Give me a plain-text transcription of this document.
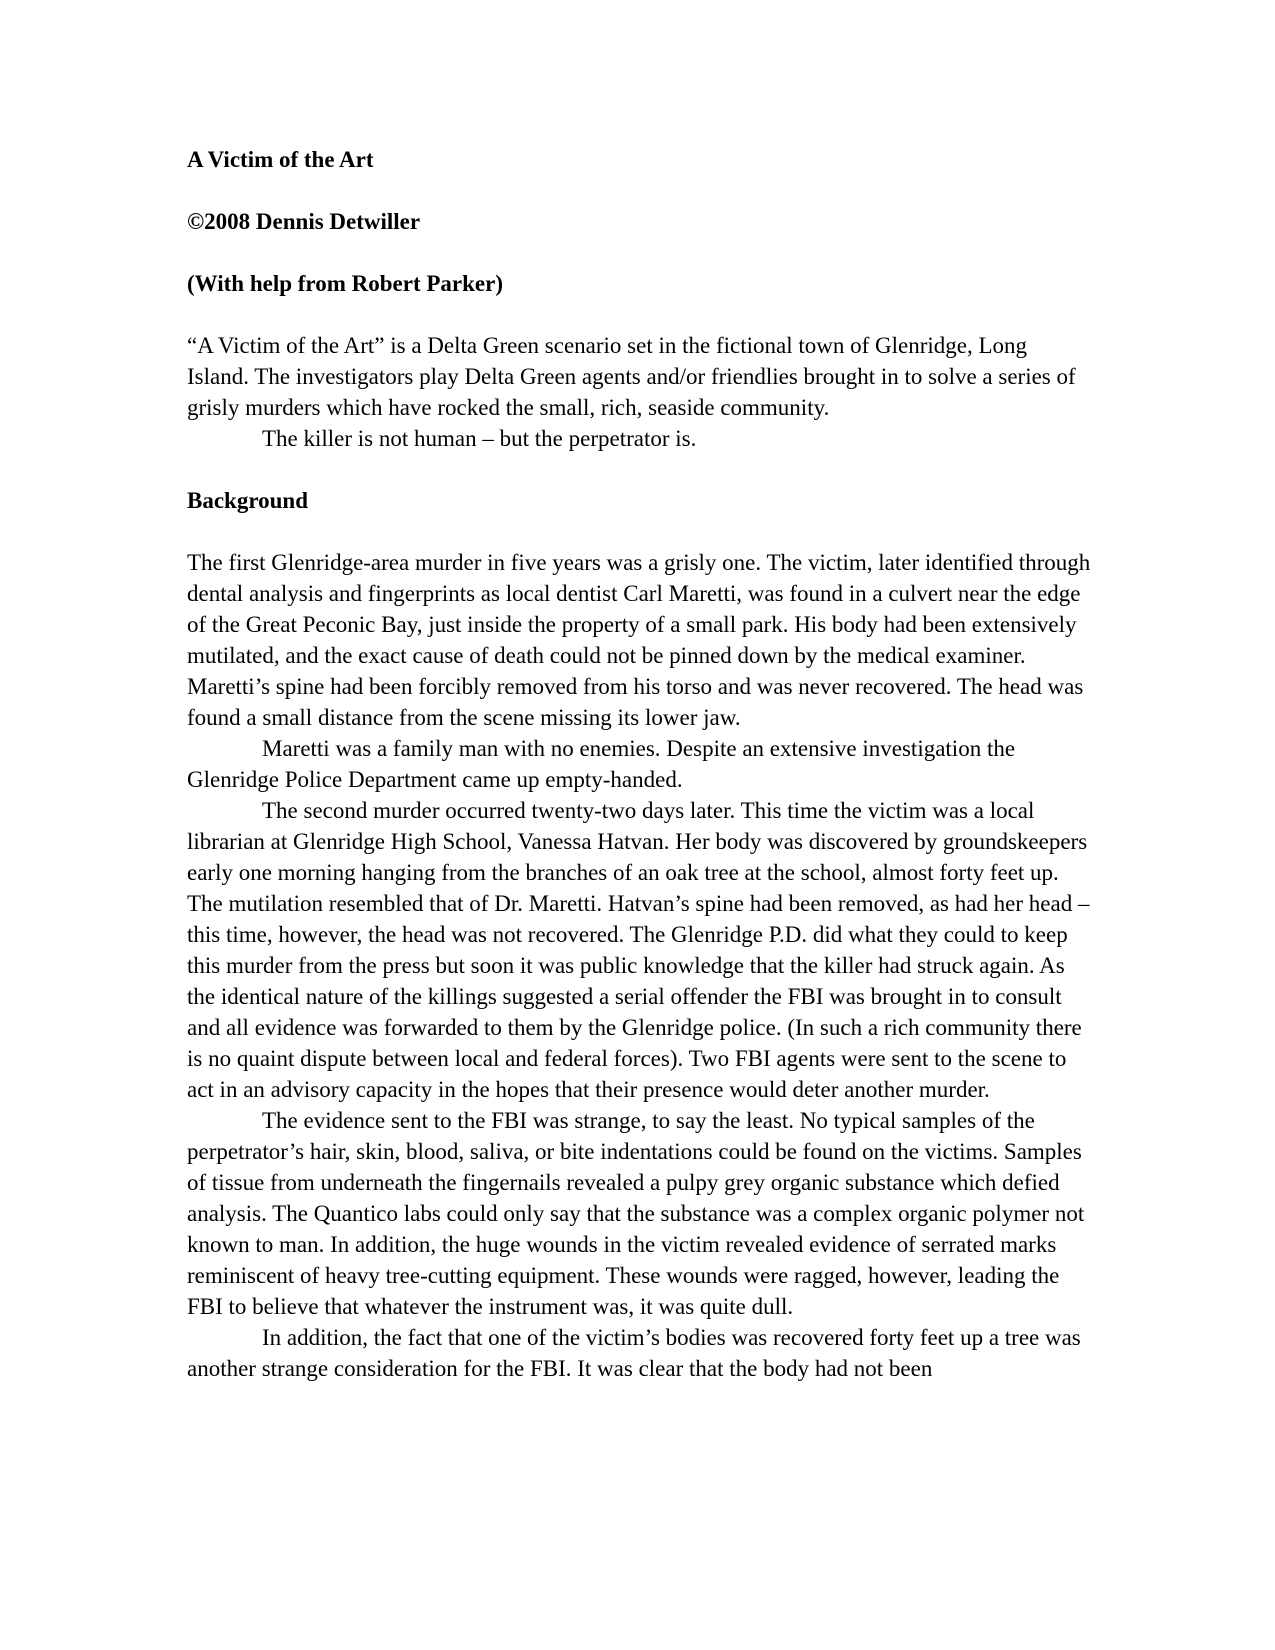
A Victim of the Art
©2008 Dennis Detwiller
(With help from Robert Parker)

“A Victim of the Art” is a Delta Green scenario set in the fictional town of Glenridge, Long Island. The investigators play Delta Green agents and/or friendlies brought in to solve a series of grisly murders which have rocked the small, rich, seaside community.

The killer is not human – but the perpetrator is.

Background

The first Glenridge-area murder in five years was a grisly one. The victim, later identified through dental analysis and fingerprints as local dentist Carl Maretti, was found in a culvert near the edge of the Great Peconic Bay, just inside the property of a small park. His body had been extensively mutilated, and the exact cause of death could not be pinned down by the medical examiner. Maretti’s spine had been forcibly removed from his torso and was never recovered. The head was found a small distance from the scene missing its lower jaw.

Maretti was a family man with no enemies. Despite an extensive investigation the Glenridge Police Department came up empty-handed.

The second murder occurred twenty-two days later. This time the victim was a local librarian at Glenridge High School, Vanessa Hatvan. Her body was discovered by groundskeepers early one morning hanging from the branches of an oak tree at the school, almost forty feet up. The mutilation resembled that of Dr. Maretti. Hatvan’s spine had been removed, as had her head – this time, however, the head was not recovered. The Glenridge P.D. did what they could to keep this murder from the press but soon it was public knowledge that the killer had struck again. As the identical nature of the killings suggested a serial offender the FBI was brought in to consult and all evidence was forwarded to them by the Glenridge police. (In such a rich community there is no quaint dispute between local and federal forces). Two FBI agents were sent to the scene to act in an advisory capacity in the hopes that their presence would deter another murder.

The evidence sent to the FBI was strange, to say the least. No typical samples of the perpetrator’s hair, skin, blood, saliva, or bite indentations could be found on the victims. Samples of tissue from underneath the fingernails revealed a pulpy grey organic substance which defied analysis. The Quantico labs could only say that the substance was a complex organic polymer not known to man. In addition, the huge wounds in the victim revealed evidence of serrated marks reminiscent of heavy tree-cutting equipment. These wounds were ragged, however, leading the FBI to believe that whatever the instrument was, it was quite dull.

In addition, the fact that one of the victim’s bodies was recovered forty feet up a tree was another strange consideration for the FBI. It was clear that the body had not been
